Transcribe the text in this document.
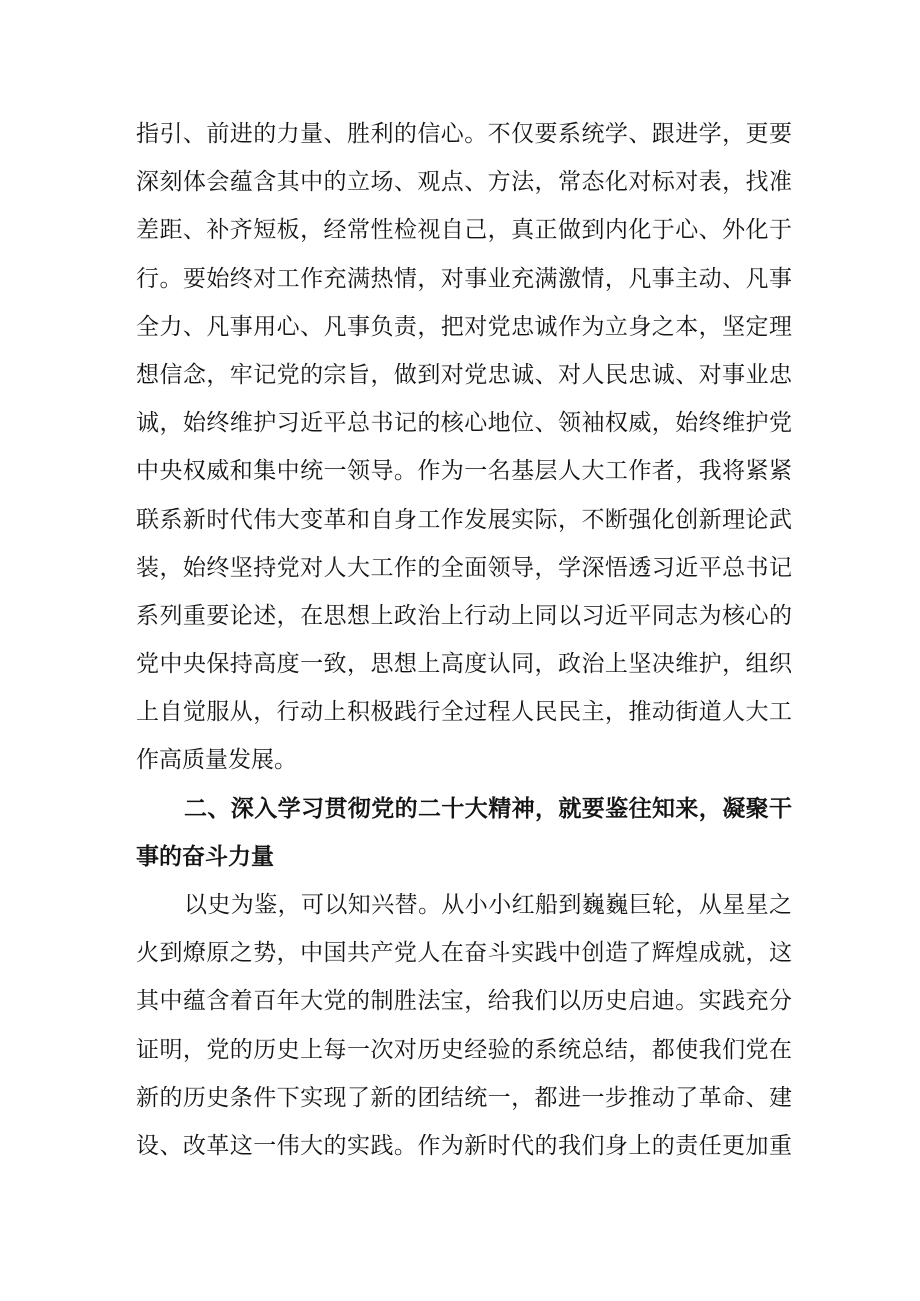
指引、前进的力量、胜利的信心。不仅要系统学、跟进学，更要
深刻体会蕴含其中的立场、观点、方法，常态化对标对表，找准
差距、补齐短板，经常性检视自己，真正做到内化于心、外化于
行。要始终对工作充满热情，对事业充满激情，凡事主动、凡事
全力、凡事用心、凡事负责，把对党忠诚作为立身之本，坚定理
想信念，牢记党的宗旨，做到对党忠诚、对人民忠诚、对事业忠
诚，始终维护习近平总书记的核心地位、领袖权威，始终维护党
中央权威和集中统一领导。作为一名基层人大工作者，我将紧紧
联系新时代伟大变革和自身工作发展实际，不断强化创新理论武
装，始终坚持党对人大工作的全面领导，学深悟透习近平总书记
系列重要论述，在思想上政治上行动上同以习近平同志为核心的
党中央保持高度一致，思想上高度认同，政治上坚决维护，组织
上自觉服从，行动上积极践行全过程人民民主，推动街道人大工
作高质量发展。
二、深入学习贯彻党的二十大精神，就要鉴往知来，凝聚干
事的奋斗力量
以史为鉴，可以知兴替。从小小红船到巍巍巨轮，从星星之
火到燎原之势，中国共产党人在奋斗实践中创造了辉煌成就，这
其中蕴含着百年大党的制胜法宝，给我们以历史启迪。实践充分
证明，党的历史上每一次对历史经验的系统总结，都使我们党在
新的历史条件下实现了新的团结统一，都进一步推动了革命、建
设、改革这一伟大的实践。作为新时代的我们身上的责任更加重
